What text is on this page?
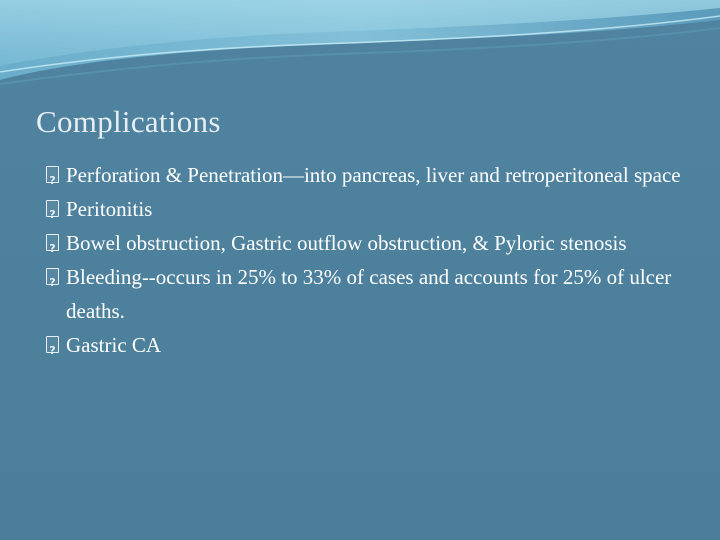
Complications
?
Perforation & Penetration—into pancreas, liver and retroperitoneal space
?
Peritonitis
?
Bowel obstruction, Gastric outflow obstruction, & Pyloric stenosis
?
Bleeding--occurs in 25% to 33% of cases and accounts for 25% of ulcer deaths.
?
Gastric CA
